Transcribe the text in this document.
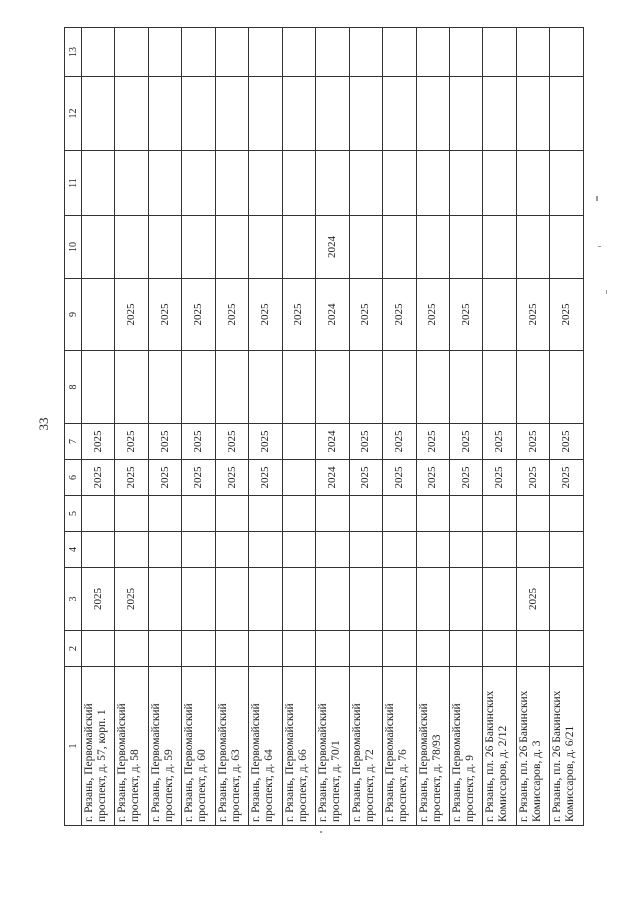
33
1	2	3	4	5	6	7	8	9	10	11	12	13
г. Рязань, Первомайский проспект, д. 57, корп. 1		2025			2025	2025						
г. Рязань, Первомайский проспект, д. 58		2025			2025	2025		2025				
г. Рязань, Первомайский проспект, д. 59					2025	2025		2025				
г. Рязань, Первомайский проспект, д. 60					2025	2025		2025				
г. Рязань, Первомайский проспект, д. 63					2025	2025		2025				
г. Рязань, Первомайский проспект, д. 64					2025	2025		2025				
г. Рязань, Первомайский проспект, д. 66								2025				
г. Рязань, Первомайский проспект, д. 70/1					2024	2024		2024	2024			
г. Рязань, Первомайский проспект, д. 72					2025	2025		2025				
г. Рязань, Первомайский проспект, д. 76					2025	2025		2025				
г. Рязань, Первомайский проспект, д. 78/93					2025	2025		2025				
г. Рязань, Первомайский проспект, д. 9					2025	2025		2025				
г. Рязань, пл. 26 Бакинских Комиссаров, д. 2/12					2025	2025						
г. Рязань, пл. 26 Бакинских Комиссаров, д. 3		2025			2025	2025		2025				
г. Рязань, пл. 26 Бакинских Комиссаров, д. 6/21					2025	2025		2025				
